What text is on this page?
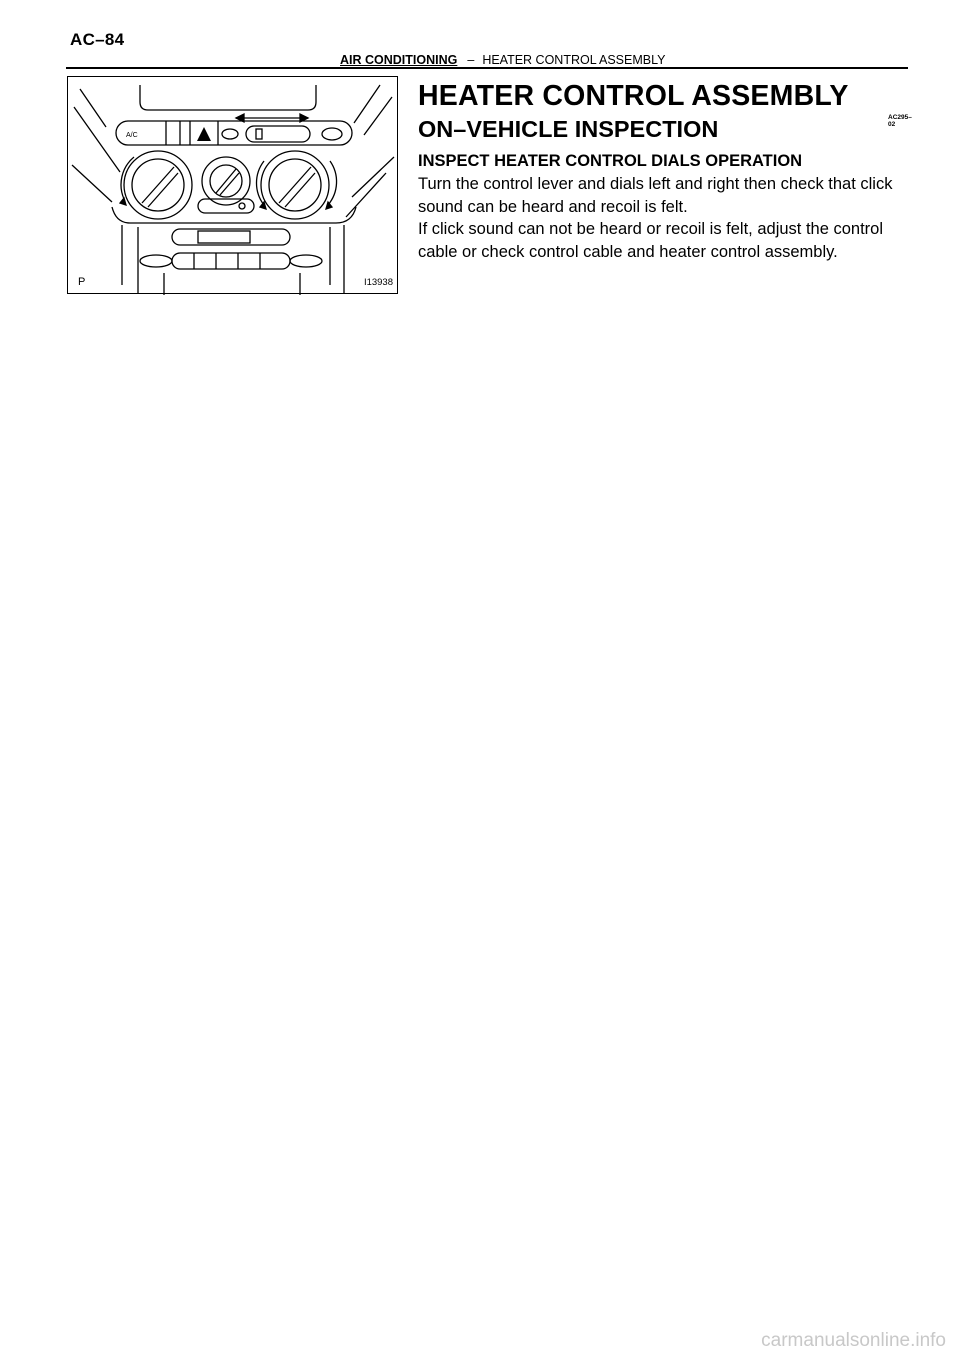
AC–84
AIR CONDITIONING – HEATER CONTROL ASSEMBLY
A/C
P	I13938
HEATER CONTROL ASSEMBLY
AC295–02
ON–VEHICLE INSPECTION
INSPECT HEATER CONTROL DIALS OPERATION

Turn the control lever and dials left and right then check that click sound can be heard and recoil is felt.

If click sound can not be heard or recoil is felt, adjust the control cable or check control cable and heater control assembly.

carmanualsonline.info
